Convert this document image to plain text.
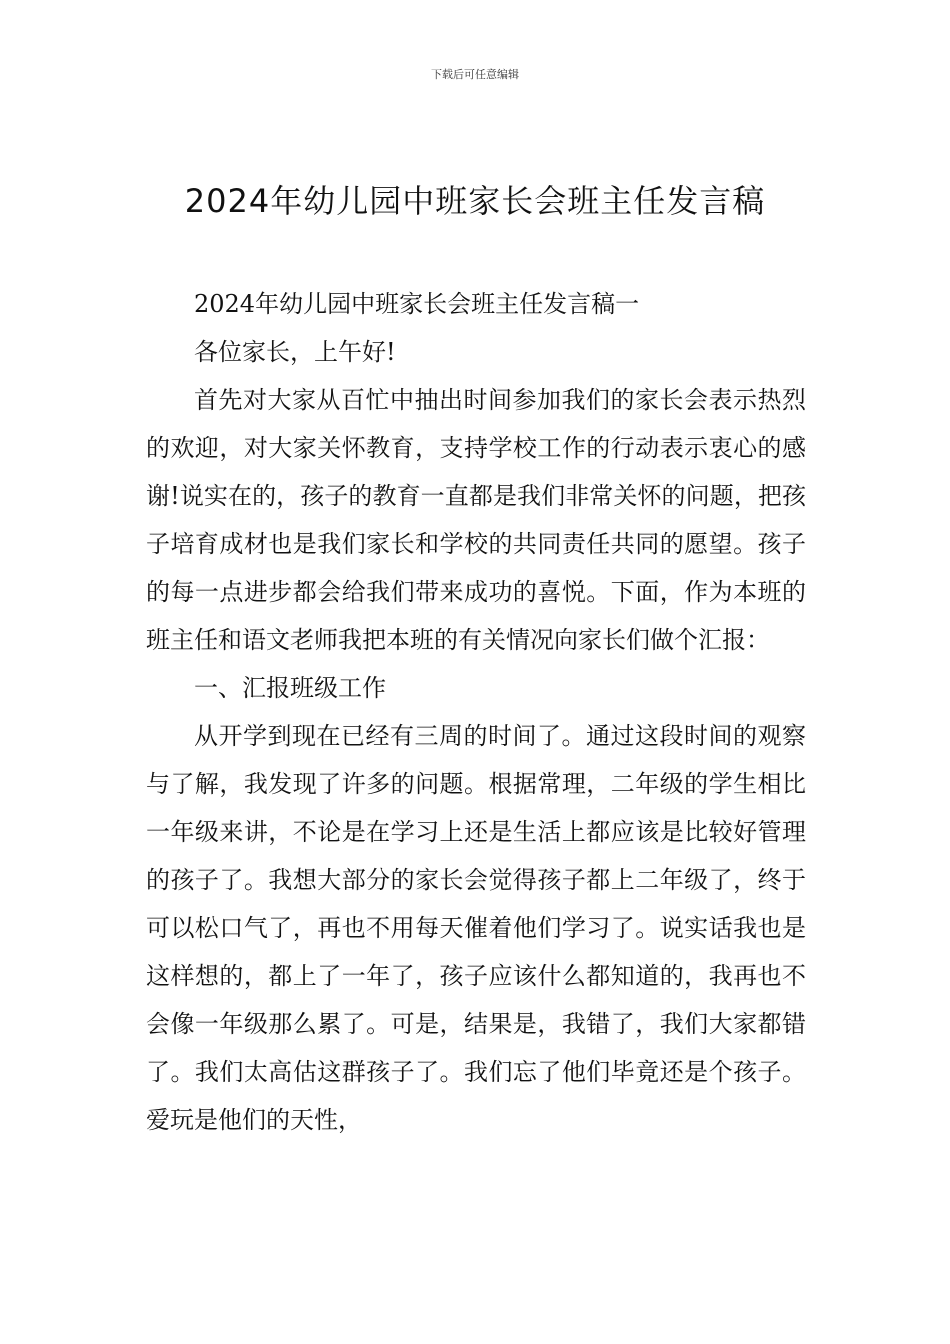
下载后可任意编辑
2024年幼儿园中班家长会班主任发言稿

2024年幼儿园中班家长会班主任发言稿一

各位家长，上午好!

首先对大家从百忙中抽出时间参加我们的家长会表示热烈的欢迎，对大家关怀教育，支持学校工作的行动表示衷心的感谢!说实在的，孩子的教育一直都是我们非常关怀的问题，把孩子培育成材也是我们家长和学校的共同责任共同的愿望。孩子的每一点进步都会给我们带来成功的喜悦。下面，作为本班的班主任和语文老师我把本班的有关情况向家长们做个汇报：

一、汇报班级工作

从开学到现在已经有三周的时间了。通过这段时间的观察与了解，我发现了许多的问题。根据常理，二年级的学生相比一年级来讲，不论是在学习上还是生活上都应该是比较好管理的孩子了。我想大部分的家长会觉得孩子都上二年级了，终于可以松口气了，再也不用每天催着他们学习了。说实话我也是这样想的，都上了一年了，孩子应该什么都知道的，我再也不会像一年级那么累了。可是，结果是，我错了，我们大家都错了。我们太高估这群孩子了。我们忘了他们毕竟还是个孩子。爱玩是他们的天性，
